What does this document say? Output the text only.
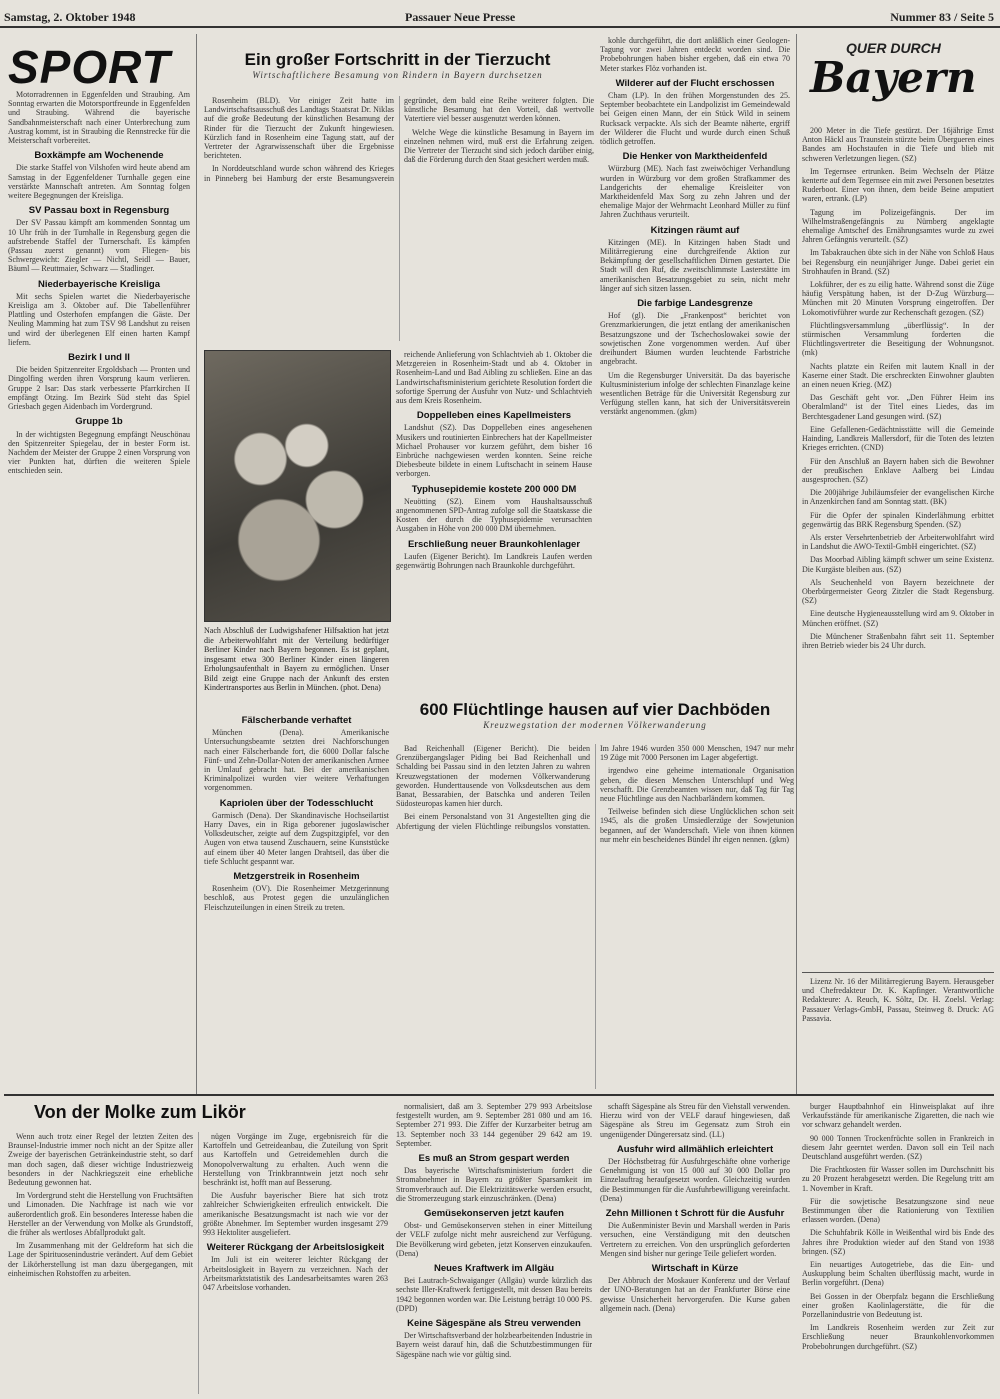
Samstag, 2. Oktober 1948	Passauer Neue Presse	Nummer 83 / Seite 5
SPORT

Motorradrennen in Eggenfelden und Straubing. Am Sonntag erwarten die Motorsportfreunde in Eggenfelden und Straubing. Während die bayerische Sandbahnmeisterschaft nach einer Unterbrechung zum Austrag kommt, ist in Straubing die Rennstrecke für die Meisterschaft vorbereitet.

Boxkämpfe am Wochenende

Die starke Staffel von Vilshofen wird heute abend am Samstag in der Eggenfeldener Turnhalle gegen eine verstärkte Mannschaft antreten. Am Sonntag folgen weitere Begegnungen der Kreisliga.

SV Passau boxt in Regensburg

Der SV Passau kämpft am kommenden Sonntag um 10 Uhr früh in der Turnhalle in Regensburg gegen die aufstrebende Staffel der Turnerschaft. Es kämpfen (Passau zuerst genannt) vom Fliegen- bis Schwergewicht: Ziegler — Nichtl, Seidl — Bauer, Bäuml — Reuttmaier, Schwarz — Stadlinger.

Niederbayerische Kreisliga

Mit sechs Spielen wartet die Niederbayerische Kreisliga am 3. Oktober auf. Die Tabellenführer Plattling und Osterhofen empfangen die Gäste. Der Neuling Mamming hat zum TSV 98 Landshut zu reisen und wird der überlegenen Elf einen harten Kampf liefern.

Bezirk I und II

Die beiden Spitzenreiter Ergoldsbach — Pronten und Dingolfing werden ihren Vorsprung kaum verlieren. Gruppe 2 Isar: Das stark verbesserte Pfarrkirchen II empfängt Otzing. Im Bezirk Süd steht das Spiel Griesbach gegen Aidenbach im Vordergrund.

Gruppe 1b

In der wichtigsten Begegnung empfängt Neuschönau den Spitzenreiter Spiegelau, der in bester Form ist. Nachdem der Meister der Gruppe 2 einen Vorsprung von vier Punkten hat, dürften die weiteren Spiele entschieden sein.

Ein großer Fortschritt in der Tierzucht
Wirtschaftlichere Besamung von Rindern in Bayern durchsetzen

Rosenheim (BLD). Vor einiger Zeit hatte im Landwirtschaftsausschuß des Landtags Staatsrat Dr. Niklas auf die große Bedeutung der künstlichen Besamung der Rinder für die Tierzucht der Zukunft hingewiesen. Kürzlich fand in Rosenheim eine Tagung statt, auf der Vertreter der Agrarwissenschaft über die Ergebnisse berichteten.

In Norddeutschland wurde schon während des Krieges in Pinneberg bei Hamburg der erste Besamungsverein gegründet, dem bald eine Reihe weiterer folgten. Die künstliche Besamung hat den Vorteil, daß wertvolle Vatertiere viel besser ausgenutzt werden können.

Welche Wege die künstliche Besamung in Bayern im einzelnen nehmen wird, muß erst die Erfahrung zeigen. Die Vertreter der Tierzucht sind sich jedoch darüber einig, daß die Förderung durch den Staat gesichert werden muß.

Nach Abschluß der Ludwigshafener Hilfsaktion hat jetzt die Arbeiterwohlfahrt mit der Verteilung bedürftiger Berliner Kinder nach Bayern begonnen. Es ist geplant, insgesamt etwa 300 Berliner Kinder einen längeren Erholungsaufenthalt in Bayern zu ermöglichen. Unser Bild zeigt eine Gruppe nach der Ankunft des ersten Kindertransportes aus Berlin in München. (phot. Dena)
Fälscherbande verhaftet

München (Dena). Amerikanische Untersuchungsbeamte setzten drei Nachforschungen nach einer Fälscherbande fort, die 6000 Dollar falsche Fünf- und Zehn-Dollar-Noten der amerikanischen Armee in Umlauf gebracht hat. Bei der amerikanischen Kriminalpolizei wurden vier weitere Verhaftungen vorgenommen.

Kapriolen über der Todesschlucht

Garmisch (Dena). Der Skandinavische Hochseilartist Harry Daves, ein in Riga geborener jugoslawischer Volksdeutscher, zeigte auf dem Zugspitzgipfel, vor den Augen von etwa tausend Zuschauern, seine Kunststücke auf einem über 40 Meter langen Drahtseil, das über die tiefe Schlucht gespannt war.

Metzgerstreik in Rosenheim

Rosenheim (OV). Die Rosenheimer Metzgerinnung beschloß, aus Protest gegen die unzulänglichen Fleischzuteilungen in einen Streik zu treten.

reichende Anlieferung von Schlachtvieh ab 1. Oktober die Metzgereien in Rosenheim-Stadt und ab 4. Oktober in Rosenheim-Land und Bad Aibling zu schließen. Eine an das Landwirtschaftsministerium gerichtete Resolution fordert die sofortige Sperrung der Ausfuhr von Nutz- und Schlachtvieh aus dem Kreis Rosenheim.

Doppelleben eines Kapellmeisters

Landshut (SZ). Das Doppelleben eines angesehenen Musikers und routinierten Einbrechers hat der Kapellmeister Michael Prohauser vor kurzem geführt, dem bisher 16 Einbrüche nachgewiesen werden konnten. Seine reiche Diebesbeute bildete in einem Luftschacht in seinem Hause verborgen.

Typhusepidemie kostete 200 000 DM

Neuötting (SZ). Einem vom Haushaltsausschuß angenommenen SPD-Antrag zufolge soll die Staatskasse die Kosten der durch die Typhusepidemie verursachten Ausgaben in Höhe von 200 000 DM übernehmen.

Erschließung neuer Braunkohlenlager

Laufen (Eigener Bericht). Im Landkreis Laufen werden gegenwärtig Bohrungen nach Braunkohle durchgeführt.

kohle durchgeführt, die dort anläßlich einer Geologen-Tagung vor zwei Jahren entdeckt worden sind. Die Probebohrungen haben bisher ergeben, daß ein etwa 70 Meter starkes Flöz vorhanden ist.

Wilderer auf der Flucht erschossen

Cham (LP). In den frühen Morgenstunden des 25. September beobachtete ein Landpolizist im Gemeindewald bei Geigen einen Mann, der ein Stück Wild in seinem Rucksack verpackte. Als sich der Beamte näherte, ergriff der Wilderer die Flucht und wurde durch einen Schuß tödlich getroffen.

Die Henker von Marktheidenfeld

Würzburg (ME). Nach fast zweiwöchiger Verhandlung wurden in Würzburg vor dem großen Strafkammer des Landgerichts der ehemalige Kreisleiter von Marktheidenfeld Max Sorg zu zehn Jahren und der ehemalige Major der Wehrmacht Leonhard Müller zu fünf Jahren Zuchthaus verurteilt.

Kitzingen räumt auf

Kitzingen (ME). In Kitzingen haben Stadt und Militärregierung eine durchgreifende Aktion zur Bekämpfung der gesellschaftlichen Dirnen gestartet. Die Stadt will den Ruf, die zweitschlimmste Lasterstätte im amerikanischen Besatzungsgebiet zu sein, nicht mehr länger auf sich sitzen lassen.

Die farbige Landesgrenze

Hof (gl). Die „Frankenpost“ berichtet von Grenzmarkierungen, die jetzt entlang der amerikanischen Besatzungszone und der Tschechoslowakei sowie der sowjetischen Zone vorgenommen werden. Auf über dreihundert Bäumen wurden leuchtende Farbstriche angebracht.

Um die Regensburger Universität. Da das bayerische Kultusministerium infolge der schlechten Finanzlage keine wesentlichen Beträge für die Universität Regensburg zur Verfügung stellen kann, hat sich der Universitätsverein verstärkt angenommen. (gkm)

QUER DURCH
Bayern

200 Meter in die Tiefe gestürzt. Der 16jährige Ernst Anton Häckl aus Traunstein stürzte beim Übergueren eines Bandes am Hochstaufen in die Tiefe und blieb mit schweren Verletzungen liegen. (SZ)

Im Tegernsee ertrunken. Beim Wechseln der Plätze kenterte auf dem Tegernsee ein mit zwei Personen besetztes Ruderboot. Einer von ihnen, dem beide Beine amputiert waren, ertrank. (LP)

Tagung im Polizeigefängnis. Der im Wilhelmstraßengefängnis zu Nürnberg angeklagte ehemalige Amtschef des Ernährungsamtes wurde zu zwei Jahren Gefängnis verurteilt. (SZ)

Im Tabakrauchen übte sich in der Nähe von Schloß Haus bei Regensburg ein neunjähriger Junge. Dabei geriet ein Strohhaufen in Brand. (SZ)

Lokführer, der es zu eilig hatte. Während sonst die Züge häufig Verspätung haben, ist der D-Zug Würzburg—München mit 20 Minuten Vorsprung eingetroffen. Der Lokomotivführer wurde zur Rechenschaft gezogen. (SZ)

Flüchtlingsversammlung „überflüssig“. In der stürmischen Versammlung forderten die Flüchtlingsvertreter die Beseitigung der Wohnungsnot. (mk)

Nachts platzte ein Reifen mit lautem Knall in der Kaserne einer Stadt. Die erschreckten Einwohner glaubten an einen neuen Krieg. (MZ)

Das Geschäft geht vor. „Den Führer Heim ins Oberalmland“ ist der Titel eines Liedes, das im Berchtesgadener Land gesungen wird. (SZ)

Eine Gefallenen-Gedächtnisstätte will die Gemeinde Hainding, Landkreis Mallersdorf, für die Toten des letzten Krieges errichten. (CND)

Für den Anschluß an Bayern haben sich die Bewohner der preußischen Enklave Aalberg bei Lindau ausgesprochen. (SZ)

Die 200jährige Jubiläumsfeier der evangelischen Kirche in Anzenkirchen fand am Sonntag statt. (BK)

Für die Opfer der spinalen Kinderlähmung erbittet gegenwärtig das BRK Regensburg Spenden. (SZ)

Als erster Versehrtenbetrieb der Arbeiterwohlfahrt wird in Landshut die AWO-Textil-GmbH eingerichtet. (SZ)

Das Moorbad Aibling kämpft schwer um seine Existenz. Die Kurgäste bleiben aus. (SZ)

Als Seuchenheld von Bayern bezeichnete der Oberbürgermeister Georg Zitzler die Stadt Regensburg. (SZ)

Eine deutsche Hygieneausstellung wird am 9. Oktober in München eröffnet. (SZ)

Die Münchener Straßenbahn fährt seit 11. September ihren Betrieb wieder bis 24 Uhr durch.

Lizenz Nr. 16 der Militärregierung Bayern. Herausgeber und Chefredakteur Dr. K. Kapfinger. Verantwortliche Redakteure: A. Reuch, K. Söltz, Dr. H. Zoelsl. Verlag: Passauer Verlags-GmbH, Passau, Steinweg 8. Druck: AG Passavia.

600 Flüchtlinge hausen auf vier Dachböden
Kreuzwegstation der modernen Völkerwanderung

Bad Reichenhall (Eigener Bericht). Die beiden Grenzübergangslager Piding bei Bad Reichenhall und Schalding bei Passau sind in den letzten Jahren zu wahren Kreuzwegstationen der modernen Völkerwanderung geworden. Hunderttausende von Volksdeutschen aus dem Banat, Bessarabien, der Batschka und anderen Teilen Südosteuropas kamen hier durch.

Bei einem Personalstand von 31 Angestellten ging die Abfertigung der vielen Flüchtlinge reibungslos vonstatten. Im Jahre 1946 wurden 350 000 Menschen, 1947 nur mehr 19 Züge mit 7000 Personen im Lager abgefertigt.

irgendwo eine geheime internationale Organisation geben, die diesen Menschen Unterschlupf und Weg verschafft. Die Grenzbeamten wissen nur, daß Tag für Tag neue Flüchtlinge aus den Nachbarländern kommen.

Teilweise befinden sich diese Unglücklichen schon seit 1945, als die großen Umsiedlerzüge der Sowjetunion begannen, auf der Wanderschaft. Viele von ihnen können nur mehr ein bescheidenes Bündel ihr eigen nennen. (gkm)

Von der Molke zum Likör

Wenn auch trotz einer Regel der letzten Zeiten des Braunsel-Industrie immer noch nicht an der Spitze aller Zweige der bayerischen Getränkeindustrie steht, so darf man doch sagen, daß dieser wichtige Industriezweig besonders in der Nachkriegszeit eine erhebliche Bedeutung gewonnen hat.

Im Vordergrund steht die Herstellung von Fruchtsäften und Limonaden. Die Nachfrage ist nach wie vor außerordentlich groß. Ein besonderes Interesse haben die Hersteller an der Verwendung von Molke als Grundstoff, die früher als wertloses Abfallprodukt galt.

Im Zusammenhang mit der Geldreform hat sich die Lage der Spirituosenindustrie verändert. Auf dem Gebiet der Likörherstellung ist man dazu übergegangen, mit einheimischen Rohstoffen zu arbeiten.

nügen Vorgänge im Zuge, ergebnisreich für die Kartoffeln und Getreideanbau, die Zuteilung von Sprit aus Kartoffeln und Getreidemehlen durch die Monopolverwaltung zu erhalten. Auch wenn die Herstellung von Trinkbranntwein jetzt noch sehr beschränkt ist, hofft man auf Besserung.

Die Ausfuhr bayerischer Biere hat sich trotz zahlreicher Schwierigkeiten erfreulich entwickelt. Die amerikanische Besatzungsmacht ist nach wie vor der größte Abnehmer. Im September wurden insgesamt 279 993 Hektoliter ausgeliefert.

Weiterer Rückgang der Arbeitslosigkeit

Im Juli ist ein weiterer leichter Rückgang der Arbeitslosigkeit in Bayern zu verzeichnen. Nach der Arbeitsmarktstatistik des Landesarbeitsamtes waren 263 047 Arbeitslose vorhanden.

normalisiert, daß am 3. September 279 993 Arbeitslose festgestellt wurden, am 9. September 281 080 und am 16. September 271 993. Die Ziffer der Kurzarbeiter betrug am 13. September noch 33 144 gegenüber 29 642 am 19. September.

Es muß an Strom gespart werden

Das bayerische Wirtschaftsministerium fordert die Stromabnehmer in Bayern zu größter Sparsamkeit im Stromverbrauch auf. Die Elektrizitätswerke werden ersucht, die Stromerzeugung stark einzuschränken. (Dena)

Gemüsekonserven jetzt kaufen

Obst- und Gemüsekonserven stehen in einer Mitteilung der VELF zufolge nicht mehr ausreichend zur Verfügung. Die Bevölkerung wird gebeten, jetzt Konserven einzukaufen. (Dena)

Neues Kraftwerk im Allgäu

Bei Lautrach-Schwaiganger (Allgäu) wurde kürzlich das sechste Iller-Kraftwerk fertiggestellt, mit dessen Bau bereits 1942 begonnen worden war. Die Leistung beträgt 10 000 PS. (DPD)

Keine Sägespäne als Streu verwenden

Der Wirtschaftsverband der holzbearbeitenden Industrie in Bayern weist darauf hin, daß die Schutzbestimmungen für Sägespäne nach wie vor gültig sind.

schafft Sägespäne als Streu für den Viehstall verwenden. Hierzu wird von der VELF darauf hingewiesen, daß Sägespäne als Streu im Gegensatz zum Stroh ein ungenügender Düngerersatz sind. (LL)

Ausfuhr wird allmählich erleichtert

Der Höchstbetrag für Ausfuhrgeschäfte ohne vorherige Genehmigung ist von 15 000 auf 30 000 Dollar pro Einzelauftrag heraufgesetzt worden. Gleichzeitig wurden die Bestimmungen für die Ausfuhrbewilligung vereinfacht. (Dena)

Zehn Millionen t Schrott für die Ausfuhr

Die Außenminister Bevin und Marshall werden in Paris versuchen, eine Verständigung mit den deutschen Vertretern zu erreichen. Von den ursprünglich geforderten Mengen sind bisher nur geringe Teile geliefert worden.

Wirtschaft in Kürze

Der Abbruch der Moskauer Konferenz und der Verlauf der UNO-Beratungen hat an der Frankfurter Börse eine gewisse Unsicherheit hervorgerufen. Die Kurse gaben allgemein nach. (Dena)

burger Hauptbahnhof ein Hinweisplakat auf ihre Verkaufsstände für amerikanische Zigaretten, die nach wie vor schwarz gehandelt werden.

90 000 Tonnen Trockenfrüchte sollen in Frankreich in diesem Jahr geerntet werden. Davon soll ein Teil nach Deutschland ausgeführt werden. (SZ)

Die Frachtkosten für Wasser sollen im Durchschnitt bis zu 20 Prozent herabgesetzt werden. Die Regelung tritt am 1. November in Kraft.

Für die sowjetische Besatzungszone sind neue Bestimmungen über die Rationierung von Textilien erlassen worden. (Dena)

Die Schuhfabrik Kölle in Weißenthal wird bis Ende des Jahres ihre Produktion wieder auf den Stand von 1938 bringen. (SZ)

Ein neuartiges Autogetriebe, das die Ein- und Auskupplung beim Schalten überflüssig macht, wurde in Berlin vorgeführt. (Dena)

Bei Gossen in der Oberpfalz begann die Erschließung einer großen Kaolinlagerstätte, die für die Porzellanindustrie von Bedeutung ist.

Im Landkreis Rosenheim werden zur Zeit zur Erschließung neuer Braunkohlenvorkommen Probebohrungen durchgeführt. (SZ)
